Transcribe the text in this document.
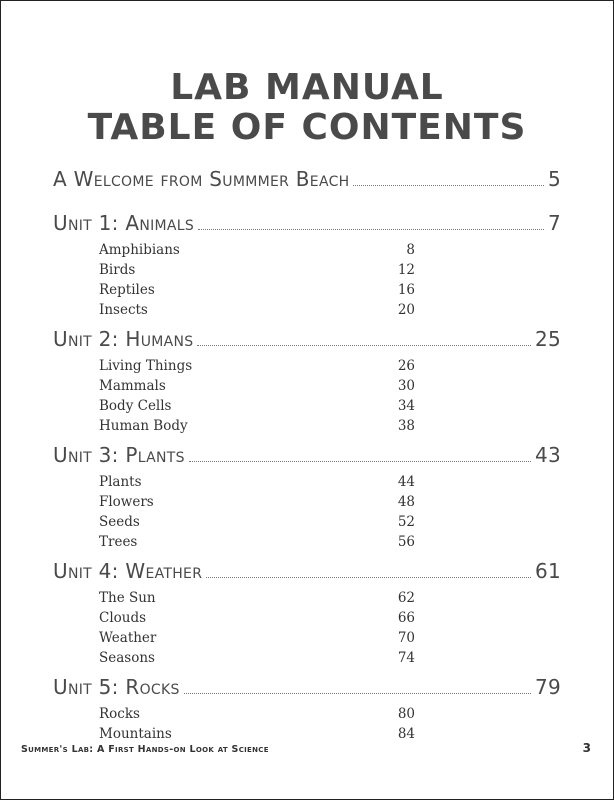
LAB MANUAL
TABLE OF CONTENTS
A Welcome from Summmer Beach	5
Unit 1: Animals	7
Amphibians	8
Birds	12
Reptiles	16
Insects	20
Unit 2: Humans	25
Living Things	26
Mammals	30
Body Cells	34
Human Body	38
Unit 3: Plants	43
Plants	44
Flowers	48
Seeds	52
Trees	56
Unit 4: Weather	61
The Sun	62
Clouds	66
Weather	70
Seasons	74
Unit 5: Rocks	79
Rocks	80
Mountains	84
Summer's Lab: A First Hands-on Look at Science	3
